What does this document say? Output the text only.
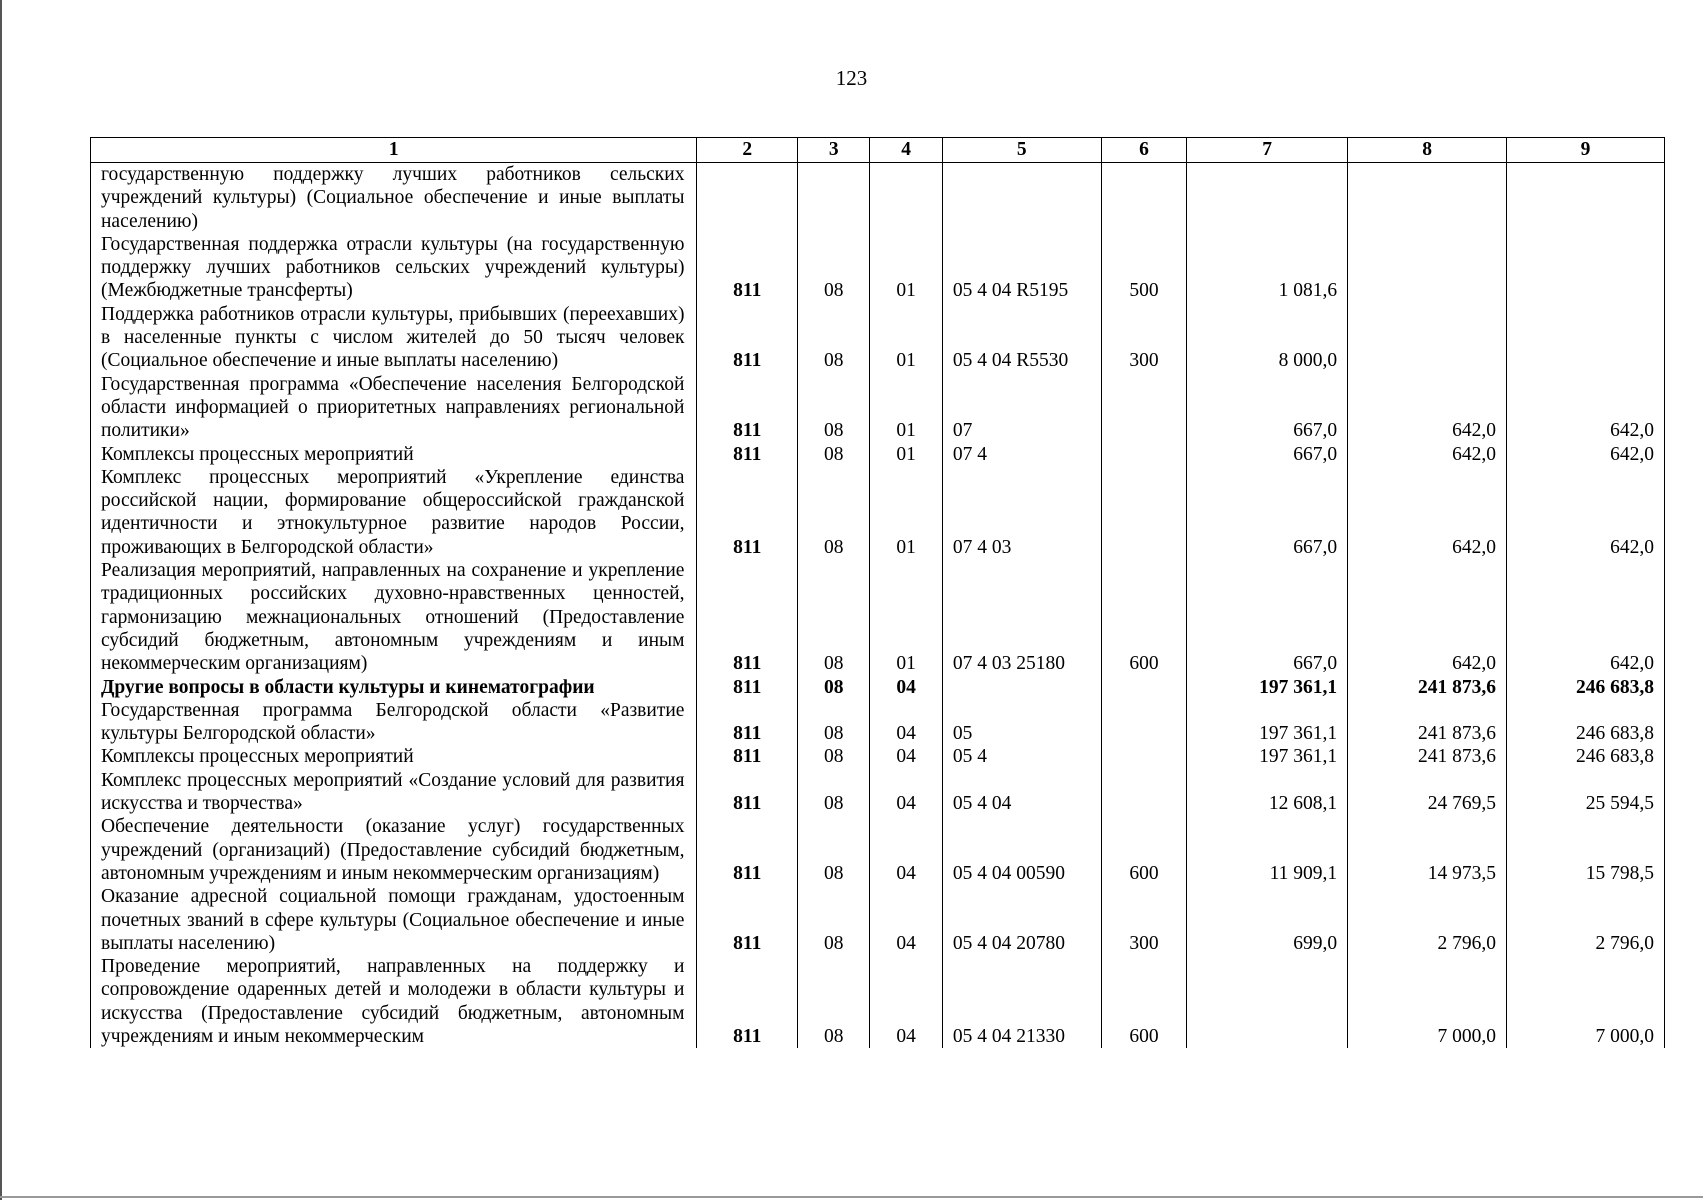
123
1	2	3	4	5	6	7	8	9
государственную поддержку лучших работников сельских учреждений культуры) (Социальное обеспечение и иные выплаты населению)								
Государственная поддержка отрасли культуры (на государственную поддержку лучших работников сельских учреждений культуры) (Межбюджетные трансферты)	811	08	01	05 4 04 R5195	500	1 081,6		
Поддержка работников отрасли культуры, прибывших (переехавших) в населенные пункты с числом жителей до 50 тысяч человек (Социальное обеспечение и иные выплаты населению)	811	08	01	05 4 04 R5530	300	8 000,0		
Государственная программа «Обеспечение населения Белгородской области информацией о приоритетных направлениях региональной политики»	811	08	01	07		667,0	642,0	642,0
Комплексы процессных мероприятий	811	08	01	07 4		667,0	642,0	642,0
Комплекс процессных мероприятий «Укрепление единства российской нации, формирование общероссийской гражданской идентичности и этнокультурное развитие народов России, проживающих в Белгородской области»	811	08	01	07 4 03		667,0	642,0	642,0
Реализация мероприятий, направленных на сохранение и укрепление традиционных российских духовно-нравственных ценностей, гармонизацию межнациональных отношений (Предоставление субсидий бюджетным, автономным учреждениям и иным некоммерческим организациям)	811	08	01	07 4 03 25180	600	667,0	642,0	642,0
Другие вопросы в области культуры и кинематографии	811	08	04			197 361,1	241 873,6	246 683,8
Государственная программа Белгородской области «Развитие культуры Белгородской области»	811	08	04	05		197 361,1	241 873,6	246 683,8
Комплексы процессных мероприятий	811	08	04	05 4		197 361,1	241 873,6	246 683,8
Комплекс процессных мероприятий «Создание условий для развития искусства и творчества»	811	08	04	05 4 04		12 608,1	24 769,5	25 594,5
Обеспечение деятельности (оказание услуг) государственных учреждений (организаций) (Предоставление субсидий бюджетным, автономным учреждениям и иным некоммерческим организациям)	811	08	04	05 4 04 00590	600	11 909,1	14 973,5	15 798,5
Оказание адресной социальной помощи гражданам, удостоенным почетных званий в сфере культуры (Социальное обеспечение и иные выплаты населению)	811	08	04	05 4 04 20780	300	699,0	2 796,0	2 796,0
Проведение мероприятий, направленных на поддержку и сопровождение одаренных детей и молодежи в области культуры и искусства (Предоставление субсидий бюджетным, автономным учреждениям и иным некоммерческим	811	08	04	05 4 04 21330	600		7 000,0	7 000,0
